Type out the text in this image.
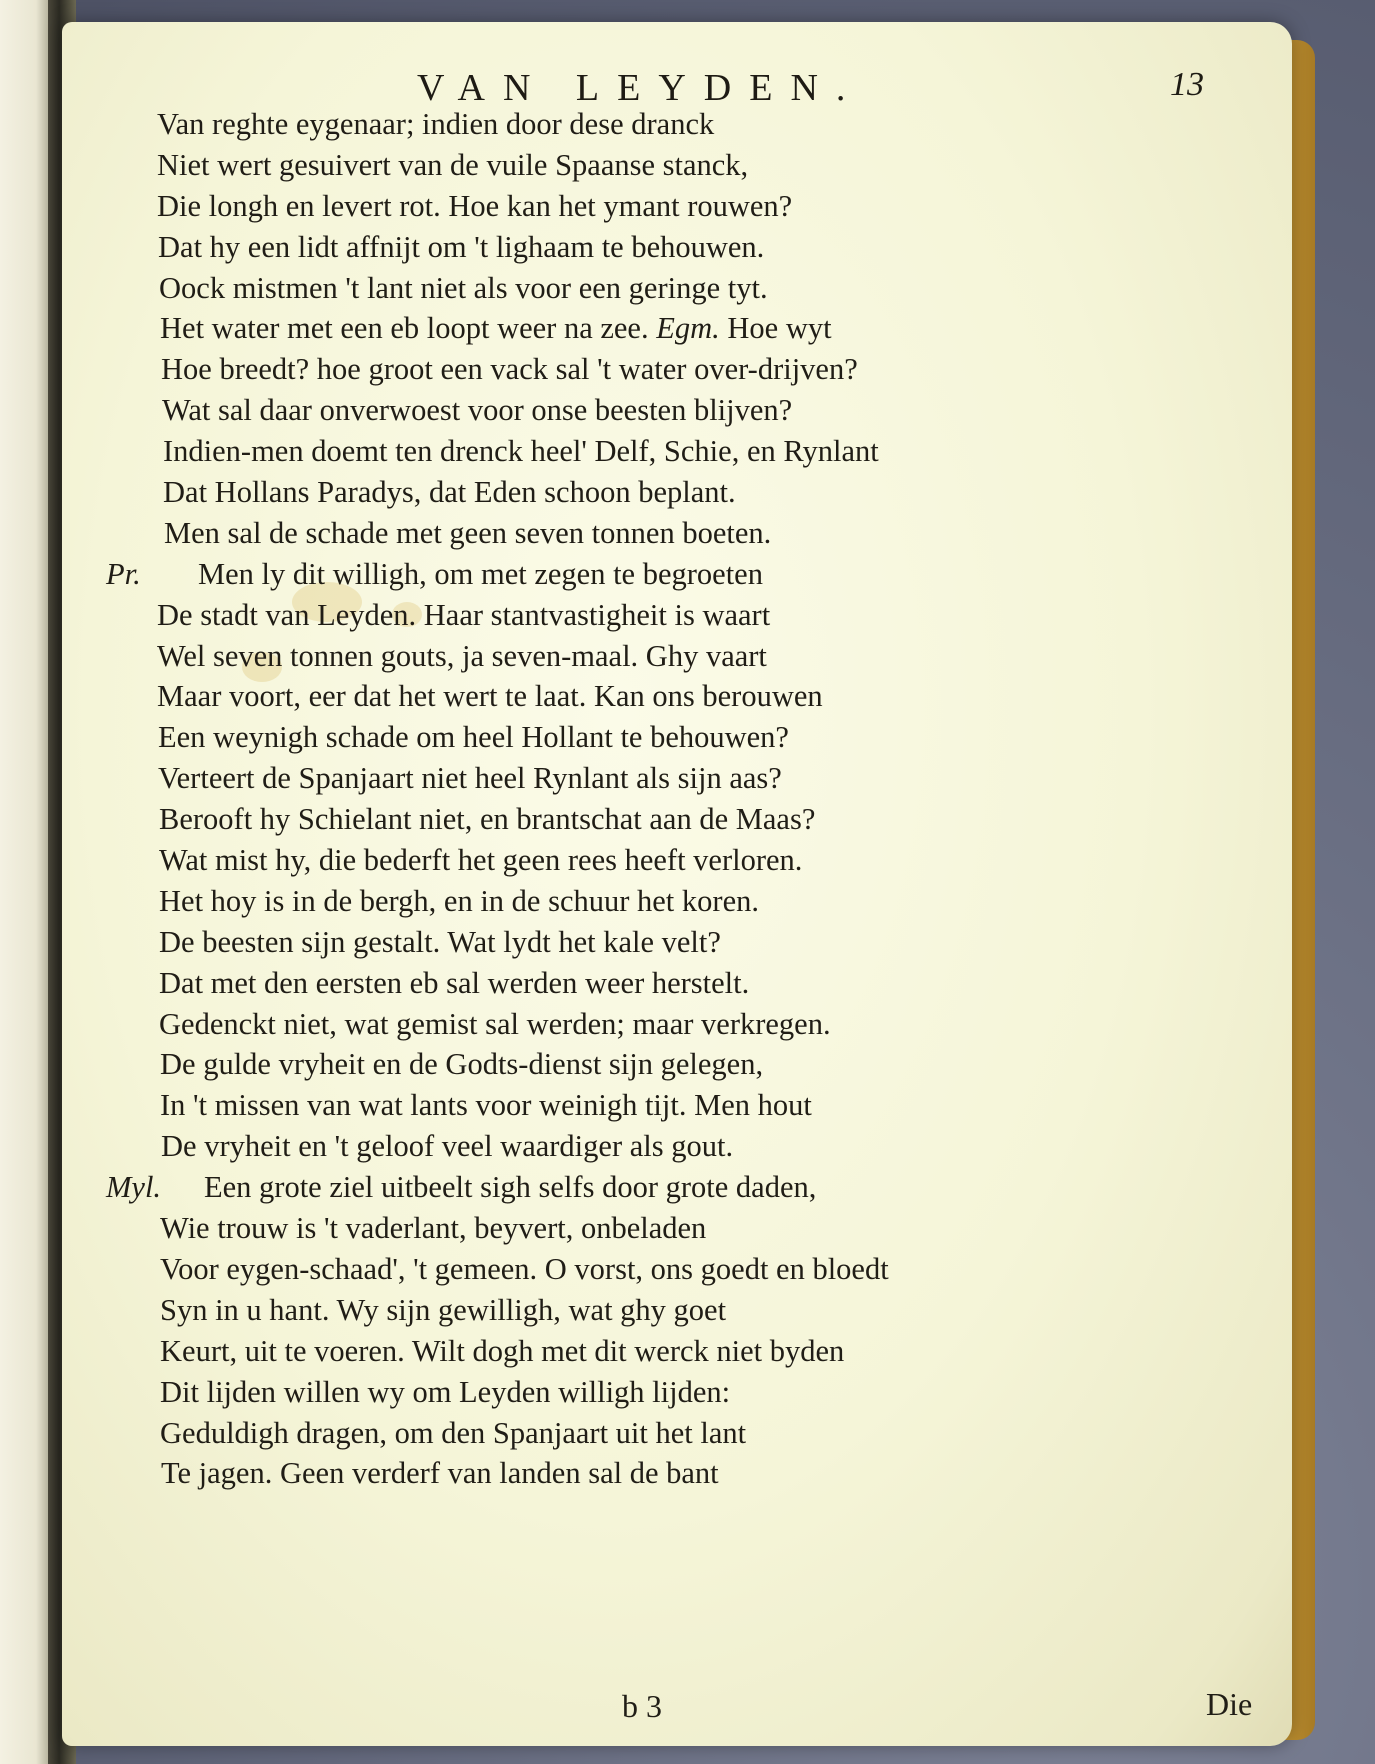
VAN LEYDEN.	13
Van reghte eygenaar; indien door dese dranck
Niet wert gesuivert van de vuile Spaanse stanck,
Die longh en levert rot. Hoe kan het ymant rouwen?
Dat hy een lidt affnijt om 't lighaam te behouwen.
Oock mistmen 't lant niet als voor een geringe tyt.
Het water met een eb loopt weer na zee. Egm. Hoe wyt
Hoe breedt? hoe groot een vack sal 't water over-drijven?
Wat sal daar onverwoest voor onse beesten blijven?
Indien-men doemt ten drenck heel' Delf, Schie, en Rynlant
Dat Hollans Paradys, dat Eden schoon beplant.
Men sal de schade met geen seven tonnen boeten.
Pr. Men ly dit willigh, om met zegen te begroeten
De stadt van Leyden. Haar stantvastigheit is waart
Wel seven tonnen gouts, ja seven-maal. Ghy vaart
Maar voort, eer dat het wert te laat. Kan ons berouwen
Een weynigh schade om heel Hollant te behouwen?
Verteert de Spanjaart niet heel Rynlant als sijn aas?
Berooft hy Schielant niet, en brantschat aan de Maas?
Wat mist hy, die bederft het geen rees heeft verloren.
Het hoy is in de bergh, en in de schuur het koren.
De beesten sijn gestalt. Wat lydt het kale velt?
Dat met den eersten eb sal werden weer herstelt.
Gedenckt niet, wat gemist sal werden; maar verkregen.
De gulde vryheit en de Godts-dienst sijn gelegen,
In 't missen van wat lants voor weinigh tijt. Men hout
De vryheit en 't geloof veel waardiger als gout.
Myl. Een grote ziel uitbeelt sigh selfs door grote daden,
Wie trouw is 't vaderlant, beyvert, onbeladen
Voor eygen-schaad', 't gemeen. O vorst, ons goedt en bloedt
Syn in u hant. Wy sijn gewilligh, wat ghy goet
Keurt, uit te voeren. Wilt dogh met dit werck niet byden
Dit lijden willen wy om Leyden willigh lijden:
Geduldigh dragen, om den Spanjaart uit het lant
Te jagen. Geen verderf van landen sal de bant
b 3	Die
